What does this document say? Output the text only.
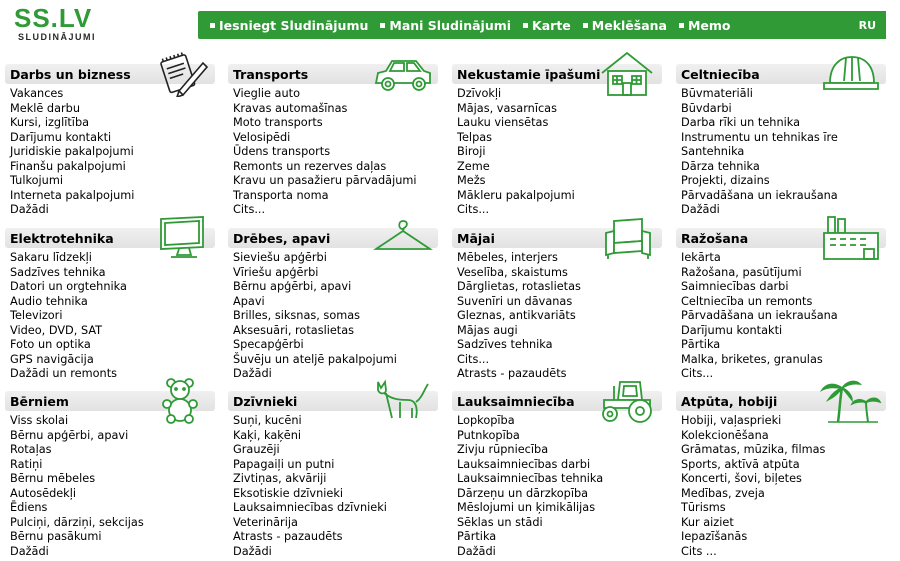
SS.LV
SLUDINĀJUMI
Iesniegt Sludinājumu Mani Sludinājumi Karte Meklēšana Memo	RU
Darbs un bizness
Vakances
Meklē darbu
Kursi, izglītība
Darījumu kontakti
Juridiskie pakalpojumi
Finanšu pakalpojumi
Tulkojumi
Interneta pakalpojumi
Dažādi
Transports
Vieglie auto
Kravas automašīnas
Moto transports
Velosipēdi
Ūdens transports
Remonts un rezerves daļas
Kravu un pasažieru pārvadājumi
Transporta noma
Cits...
Nekustamie īpašumi
Dzīvokļi
Mājas, vasarnīcas
Lauku viensētas
Telpas
Biroji
Zeme
Mežs
Mākleru pakalpojumi
Cits...
Celtniecība
Būvmateriāli
Būvdarbi
Darba rīki un tehnika
Instrumentu un tehnikas īre
Santehnika
Dārza tehnika
Projekti, dizains
Pārvadāšana un iekraušana
Dažādi
Elektrotehnika
Sakaru līdzekļi
Sadzīves tehnika
Datori un orgtehnika
Audio tehnika
Televizori
Video, DVD, SAT
Foto un optika
GPS navigācija
Dažādi un remonts
Drēbes, apavi
Sieviešu apģērbi
Vīriešu apģērbi
Bērnu apģērbi, apavi
Apavi
Brilles, siksnas, somas
Aksesuāri, rotaslietas
Specapģērbi
Šuvēju un ateljē pakalpojumi
Dažādi
Mājai
Mēbeles, interjers
Veselība, skaistums
Dārglietas, rotaslietas
Suvenīri un dāvanas
Gleznas, antikvariāts
Mājas augi
Sadzīves tehnika
Cits...
Atrasts - pazaudēts
Ražošana
Iekārta
Ražošana, pasūtījumi
Saimniecības darbi
Celtniecība un remonts
Pārvadāšana un iekraušana
Darījumu kontakti
Pārtika
Malka, briketes, granulas
Cits...
Bērniem
Viss skolai
Bērnu apģērbi, apavi
Rotaļas
Ratiņi
Bērnu mēbeles
Autosēdekļi
Ēdiens
Pulciņi, dārziņi, sekcijas
Bērnu pasākumi
Dažādi
Dzīvnieki
Suņi, kucēni
Kaķi, kaķēni
Grauzēji
Papagaiļi un putni
Zivtiņas, akvāriji
Eksotiskie dzīvnieki
Lauksaimniecības dzīvnieki
Veterinārija
Atrasts - pazaudēts
Dažādi
Lauksaimniecība
Lopkopība
Putnkopība
Zivju rūpniecība
Lauksaimniecības darbi
Lauksaimniecības tehnika
Dārzeņu un dārzkopība
Mēslojumi un ķimikālijas
Sēklas un stādi
Pārtika
Dažādi
Atpūta, hobiji
Hobiji, vaļasprieki
Kolekcionēšana
Grāmatas, mūzika, filmas
Sports, aktīvā atpūta
Koncerti, šovi, biļetes
Medības, zveja
Tūrisms
Kur aiziet
Iepazīšanās
Cits ...
